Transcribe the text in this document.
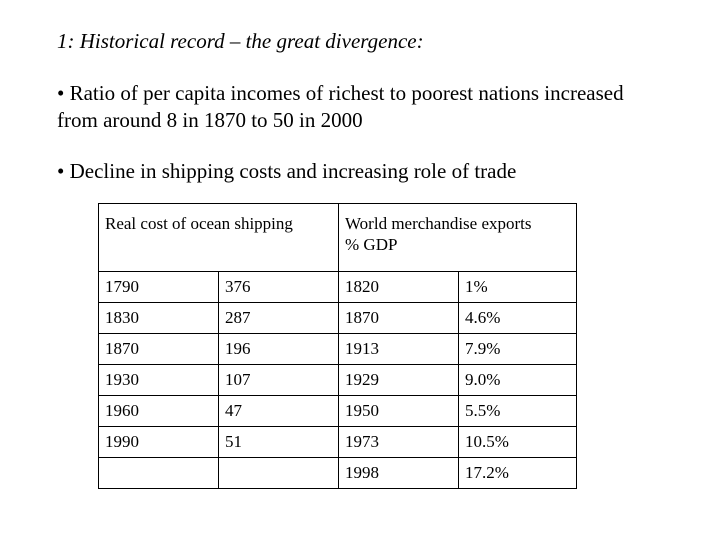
1: Historical record – the great divergence:
• Ratio of per capita incomes of richest to poorest nations increased from around 8 in 1870 to 50 in 2000
• Decline in shipping costs and increasing role of trade
Real cost of ocean shipping		World merchandise exports
% GDP	

1790	376	1820	1%
1830	287	1870	4.6%
1870	196	1913	7.9%
1930	107	1929	9.0%
1960	47	1950	5.5%
1990	51	1973	10.5%
		1998	17.2%
